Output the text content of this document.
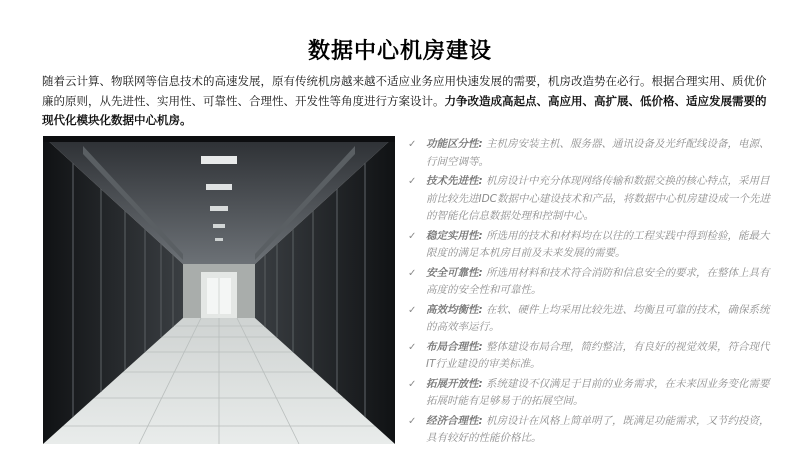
数据中心机房建设
随着云计算、物联网等信息技术的高速发展，原有传统机房越来越不适应业务应用快速发展的需要，机房改造势在必行。根据合理实用、质优价廉的原则，从先进性、实用性、可靠性、合理性、开发性等角度进行方案设计。力争改造成高起点、高应用、高扩展、低价格、适应发展需要的现代化模块化数据中心机房。
✓ 功能区分性: 主机房安装主机、服务器、通讯设备及光纤配线设备，电源、行间空调等。
✓ 技术先进性: 机房设计中充分体现网络传输和数据交换的核心特点，采用目前比较先进IDC数据中心建设技术和产品，将数据中心机房建设成一个先进的智能化信息数据处理和控制中心。
✓ 稳定实用性: 所选用的技术和材料均在以往的工程实践中得到检验，能最大限度的满足本机房目前及未来发展的需要。
✓ 安全可靠性: 所选用材料和技术符合消防和信息安全的要求，在整体上具有高度的安全性和可靠性。
✓ 高效均衡性: 在软、硬件上均采用比较先进、均衡且可靠的技术，确保系统的高效率运行。
✓ 布局合理性: 整体建设布局合理，简约整洁，有良好的视觉效果，符合现代IT行业建设的审美标准。
✓ 拓展开放性: 系统建设不仅满足于目前的业务需求，在未来因业务变化需要拓展时能有足够易于的拓展空间。
✓ 经济合理性: 机房设计在风格上简单明了，既满足功能需求，又节约投资，具有较好的性能价格比。
